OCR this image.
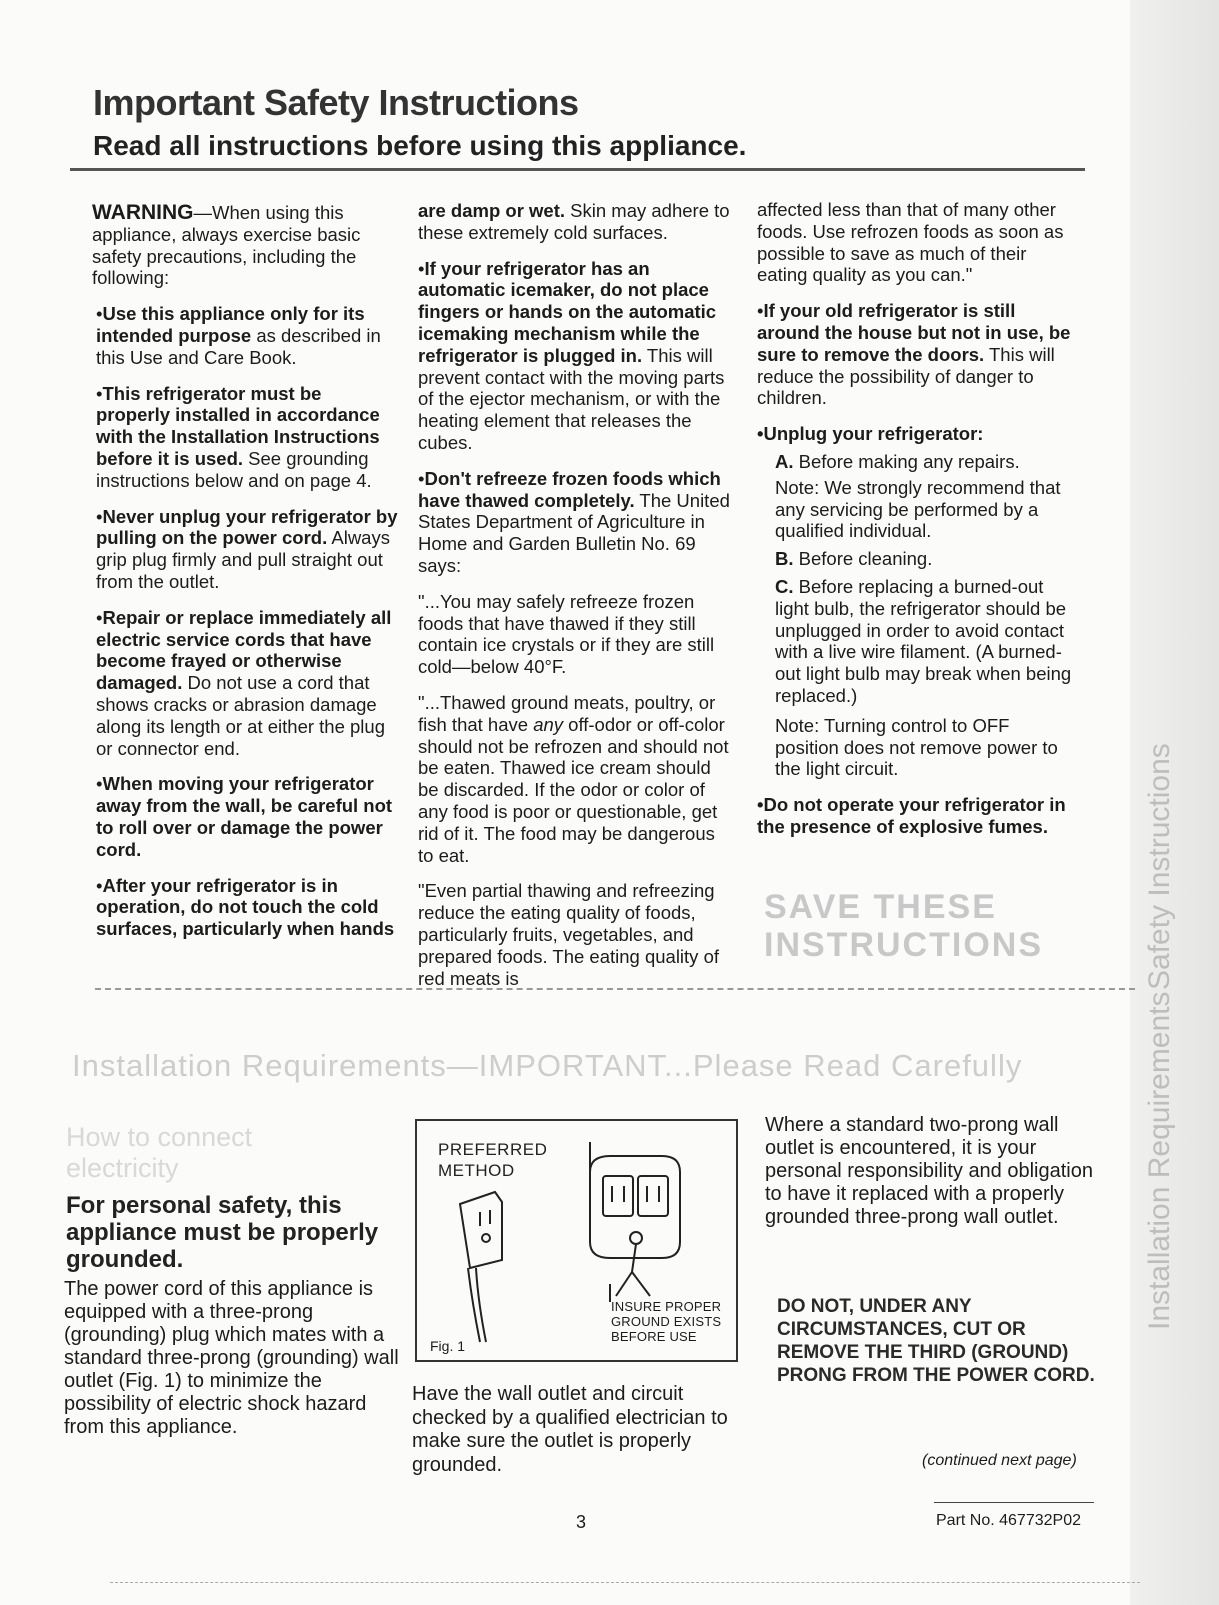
Safety Instructions
Installation Requirements
Important Safety Instructions
Read all instructions before using this appliance.

WARNING—When using this appliance, always exercise basic safety precautions, including the following:

• Use this appliance only for its intended purpose as described in this Use and Care Book.

• This refrigerator must be properly installed in accordance with the Installation Instructions before it is used. See grounding instructions below and on page 4.

• Never unplug your refrigerator by pulling on the power cord. Always grip plug firmly and pull straight out from the outlet.

• Repair or replace immediately all electric service cords that have become frayed or otherwise damaged. Do not use a cord that shows cracks or abrasion damage along its length or at either the plug or connector end.

• When moving your refrigerator away from the wall, be careful not to roll over or damage the power cord.

• After your refrigerator is in operation, do not touch the cold surfaces, particularly when hands

are damp or wet. Skin may adhere to these extremely cold surfaces.

• If your refrigerator has an automatic icemaker, do not place fingers or hands on the automatic icemaking mechanism while the refrigerator is plugged in. This will prevent contact with the moving parts of the ejector mechanism, or with the heating element that releases the cubes.

• Don't refreeze frozen foods which have thawed completely. The United States Department of Agriculture in Home and Garden Bulletin No. 69 says:

"...You may safely refreeze frozen foods that have thawed if they still contain ice crystals or if they are still cold—below 40°F.

"...Thawed ground meats, poultry, or fish that have any off-odor or off-color should not be refrozen and should not be eaten. Thawed ice cream should be discarded. If the odor or color of any food is poor or questionable, get rid of it. The food may be dangerous to eat.

"Even partial thawing and refreezing reduce the eating quality of foods, particularly fruits, vegetables, and prepared foods. The eating quality of red meats is

affected less than that of many other foods. Use refrozen foods as soon as possible to save as much of their eating quality as you can."

• If your old refrigerator is still around the house but not in use, be sure to remove the doors. This will reduce the possibility of danger to children.

• Unplug your refrigerator:

A. Before making any repairs.

Note: We strongly recommend that any servicing be performed by a qualified individual.

B. Before cleaning.

C. Before replacing a burned-out light bulb, the refrigerator should be unplugged in order to avoid contact with a live wire filament. (A burned-out light bulb may break when being replaced.)

Note: Turning control to OFF position does not remove power to the light circuit.

• Do not operate your refrigerator in the presence of explosive fumes.

SAVE THESE
INSTRUCTIONS
Installation Requirements—IMPORTANT...Please Read Carefully
How to connect
electricity
For personal safety, this appliance must be properly grounded.
The power cord of this appliance is equipped with a three-prong (grounding) plug which mates with a standard three-prong (grounding) wall outlet (Fig. 1) to minimize the possibility of electric shock hazard from this appliance.
PREFERRED
METHOD
INSURE PROPER
GROUND EXISTS
BEFORE USE
Fig. 1
Have the wall outlet and circuit checked by a qualified electrician to make sure the outlet is properly grounded.
Where a standard two-prong wall outlet is encountered, it is your personal responsibility and obligation to have it replaced with a properly grounded three-prong wall outlet.
DO NOT, UNDER ANY CIRCUMSTANCES, CUT OR REMOVE THE THIRD (GROUND) PRONG FROM THE POWER CORD.
(continued next page)
3	Part No. 467732P02
